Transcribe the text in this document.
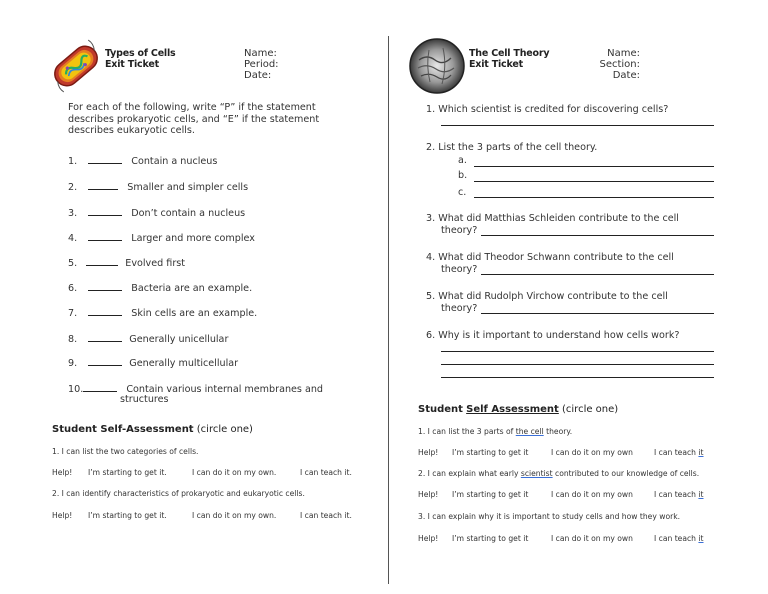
Types of Cells
Exit Ticket
Name:
Period:
Date:
For each of the following, write “P” if the statement
describes prokaryotic cells, and “E” if the statement
describes eukaryotic cells.
1.	Contain a nucleus
2.	Smaller and simpler cells
3.	Don’t contain a nucleus
4.	Larger and more complex
5.	Evolved first
6.	Bacteria are an example.
7.	Skin cells are an example.
8.	Generally unicellular
9.	Generally multicellular
10.	Contain various internal membranes and
structures
Student Self-Assessment (circle one)
1. I can list the two categories of cells.
Help! I’m starting to get it.	I can do it on my own.	I can teach it.
2. I can identify characteristics of prokaryotic and eukaryotic cells.
Help! I’m starting to get it.	I can do it on my own.	I can teach it.
The Cell Theory
Exit Ticket
Name:
Section:
Date:
1. Which scientist is credited for discovering cells?
2. List the 3 parts of the cell theory.
a.
b.
c.
3. What did Matthias Schleiden contribute to the cell
theory?
4. What did Theodor Schwann contribute to the cell
theory?
5. What did Rudolph Virchow contribute to the cell
theory?
6. Why is it important to understand how cells work?
Student Self Assessment (circle one)
1. I can list the 3 parts of the cell theory.
Help! I’m starting to get it	I can do it on my own	I can teach it
2. I can explain what early scientist contributed to our knowledge of cells.
Help! I’m starting to get it	I can do it on my own	I can teach it
3. I can explain why it is important to study cells and how they work.
Help! I’m starting to get it	I can do it on my own	I can teach it
